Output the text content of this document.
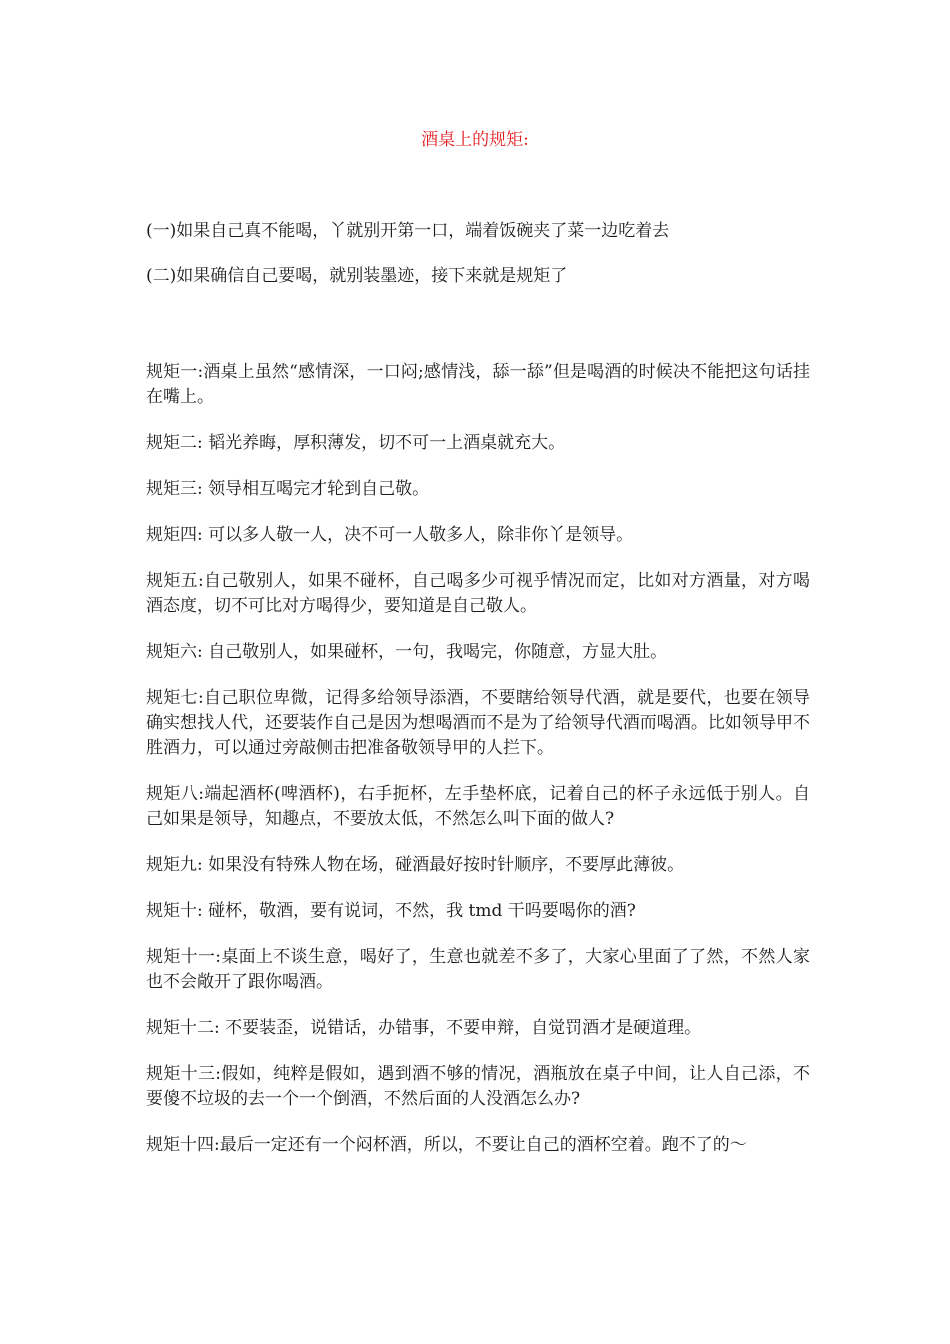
酒桌上的规矩:

(一)如果自己真不能喝，丫就别开第一口，端着饭碗夹了菜一边吃着去

(二)如果确信自己要喝，就别装墨迹，接下来就是规矩了

规矩一:酒桌上虽然“感情深，一口闷;感情浅，舔一舔”但是喝酒的时候决不能把这句话挂在嘴上。

规矩二: 韬光养晦，厚积薄发，切不可一上酒桌就充大。

规矩三: 领导相互喝完才轮到自己敬。

规矩四: 可以多人敬一人，决不可一人敬多人，除非你丫是领导。

规矩五:自己敬别人，如果不碰杯，自己喝多少可视乎情况而定，比如对方酒量，对方喝酒态度，切不可比对方喝得少，要知道是自己敬人。

规矩六: 自己敬别人，如果碰杯，一句，我喝完，你随意，方显大肚。

规矩七:自己职位卑微，记得多给领导添酒，不要瞎给领导代酒，就是要代，也要在领导确实想找人代，还要装作自己是因为想喝酒而不是为了给领导代酒而喝酒。比如领导甲不胜酒力，可以通过旁敲侧击把准备敬领导甲的人拦下。

规矩八:端起酒杯(啤酒杯)，右手扼杯，左手垫杯底，记着自己的杯子永远低于别人。自己如果是领导，知趣点，不要放太低，不然怎么叫下面的做人?

规矩九: 如果没有特殊人物在场，碰酒最好按时针顺序，不要厚此薄彼。

规矩十: 碰杯，敬酒，要有说词，不然，我 tmd 干吗要喝你的酒?

规矩十一:桌面上不谈生意，喝好了，生意也就差不多了，大家心里面了了然，不然人家也不会敞开了跟你喝酒。

规矩十二: 不要装歪，说错话，办错事，不要申辩，自觉罚酒才是硬道理。

规矩十三:假如，纯粹是假如，遇到酒不够的情况，酒瓶放在桌子中间，让人自己添，不要傻不垃圾的去一个一个倒酒，不然后面的人没酒怎么办?

规矩十四:最后一定还有一个闷杯酒，所以，不要让自己的酒杯空着。跑不了的～
